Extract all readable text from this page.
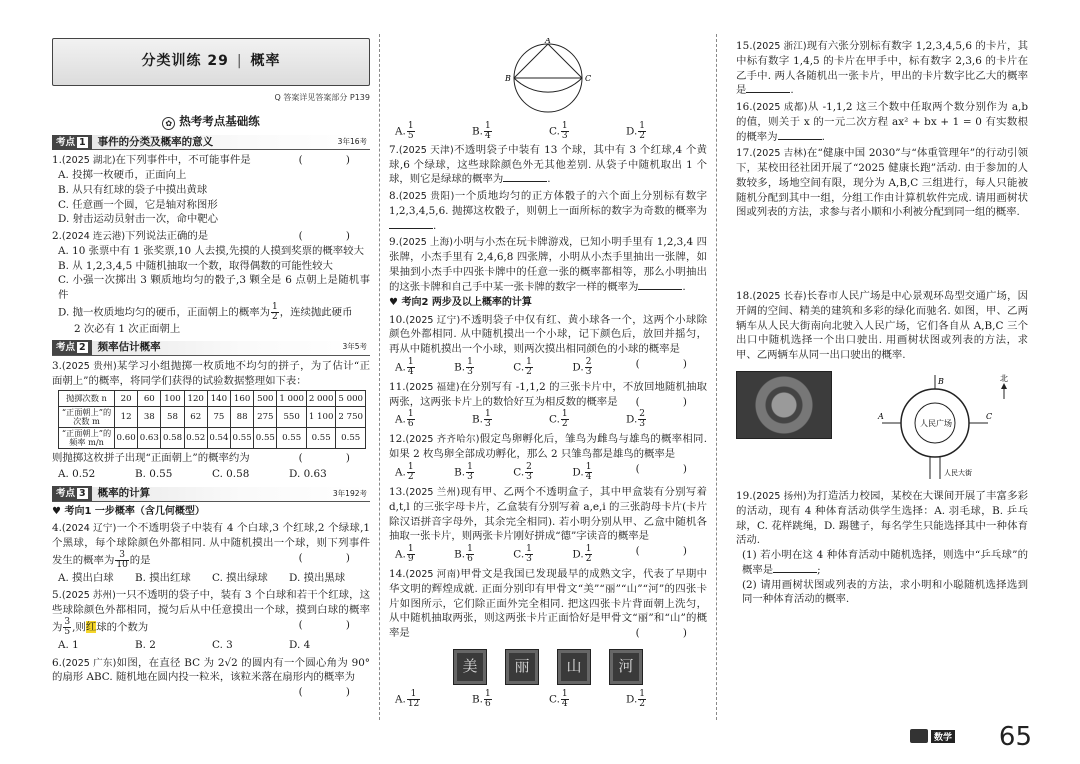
分类训练 29 | 概率
Q 答案详见答案部分 P139
✿ 热考考点基础练
考点 1	事件的分类及概率的意义	3年16考
1.(2025 湖北)在下列事件中，不可能事件是	( )
A. 投掷一枚硬币，正面向上
B. 从只有红球的袋子中摸出黄球
C. 任意画一个圆，它是轴对称图形
D. 射击运动员射击一次，命中靶心
2.(2024 连云港)下列说法正确的是	( )
A. 10 张票中有 1 张奖票,10 人去摸,先摸的人摸到奖票的概率较大
B. 从 1,2,3,4,5 中随机抽取一个数，取得偶数的可能性较大
C. 小强一次掷出 3 颗质地均匀的骰子,3 颗全是 6 点朝上是随机事件
D. 抛一枚质地均匀的硬币，正面朝上的概率为 $\frac{1}{2}$ ，连续抛此硬币
2 次必有 1 次正面朝上
考点 2	频率估计概率	3年5考
3.(2025 贵州)某学习小组抛掷一枚质地不均匀的拼子，为了估计“正面朝上”的概率，将同学们获得的试验数据整理如下表：
抛掷次数 n	20	60	100	120	140	160	500	1 000	2 000	5 000
“正面朝上”的次数 m	12	38	58	62	75	88	275	550	1 100	2 750
“正面朝上”的频率 m/n	0.60	0.63	0.58	0.52	0.54	0.55	0.55	0.55	0.55	0.55
则抛掷这枚拼子出现“正面朝上”的概率约为	( )
A. 0.52	B. 0.55	C. 0.58	D. 0.63
考点 3	概率的计算	3年192考
♥ 考向1 一步概率（含几何概型）
4.(2024 辽宁)一个不透明袋子中装有 4 个白球,3 个红球,2 个绿球,1 个黑球，每个球除颜色外都相同. 从中随机摸出一个球，则下列事件发生的概率为 $\frac{3}{10}$ 的是	( )
A. 摸出白球	B. 摸出红球	C. 摸出绿球	D. 摸出黑球
5.(2025 苏州)一只不透明的袋子中，装有 3 个白球和若干个红球，这些球除颜色外都相同，搅匀后从中任意摸出一个球，摸到白球的概率为 $\frac{3}{5}$ ,则红球的个数为	( )
A. 1	B. 2	C. 3	D. 4
6.(2025 广东)如图，在直径 BC 为 2√2 的圆内有一个圆心角为 90° 的扇形 ABC. 随机地在圆内投一粒米，该粒米落在扇形内的概率为
( )
A
B	C
A. $\frac{1}{5}$	B. $\frac{1}{4}$	C. $\frac{1}{3}$	D. $\frac{1}{2}$
7.(2025 天津)不透明袋子中装有 13 个球，其中有 3 个红球,4 个黄球,6 个绿球，这些球除颜色外无其他差别. 从袋子中随机取出 1 个球，则它是绿球的概率为	.
8.(2025 贵阳)一个质地均匀的正方体骰子的六个面上分别标有数字 1,2,3,4,5,6. 抛掷这枚骰子，则朝上一面所标的数字为奇数的概率为.
9.(2025 上海)小明与小杰在玩卡牌游戏，已知小明手里有 1,2,3,4 四张牌，小杰手里有 2,4,6,8 四张牌，小明从小杰手里抽出一张牌，如果抽到小杰手中四张卡牌中的任意一张的概率都相等，那么小明抽出的这张卡牌和自己手中某一张卡牌的数字一样的概率为	.
♥ 考向2 两步及以上概率的计算
10.(2025 辽宁)不透明袋子中仅有红、黄小球各一个，这两个小球除颜色外都相同. 从中随机摸出一个小球，记下颜色后，放回并摇匀，再从中随机摸出一个小球，则两次摸出相同颜色的小球的概率是
( )
A. $\frac{1}{4}$	B. $\frac{1}{3}$	C. $\frac{1}{2}$	D. $\frac{2}{3}$
11.(2025 福建)在分别写有 -1,1,2 的三张卡片中，不放回地随机抽取两张，这两张卡片上的数恰好互为相反数的概率是 ( )
A. $\frac{1}{6}$	B. $\frac{1}{3}$	C. $\frac{1}{2}$	D. $\frac{2}{3}$
12.(2025 齐齐哈尔)假定鸟卵孵化后，雏鸟为雌鸟与雄鸟的概率相同. 如果 2 枚鸟卵全部成功孵化，那么 2 只雏鸟都是雄鸟的概率是
( )
A. $\frac{1}{2}$	B. $\frac{1}{3}$	C. $\frac{2}{3}$	D. $\frac{1}{4}$
13.(2025 兰州)现有甲、乙两个不透明盒子，其中甲盒装有分别写着 d,t,l 的三张字母卡片，乙盒装有分别写着 a,e,i 的三张韵母卡片(卡片除汉语拼音字母外，其余完全相同). 若小明分别从甲、乙盒中随机各抽取一张卡片，则两张卡片刚好拼成“德”字读音的概率是
( )
A. $\frac{1}{9}$	B. $\frac{1}{6}$	C. $\frac{1}{3}$	D. $\frac{1}{2}$
14.(2025 河南)甲骨文是我国已发现最早的成熟文字，代表了早期中华文明的辉煌成就. 正面分别印有甲骨文“美”“丽”“山”“河”的四张卡片如图所示，它们除正面外完全相同. 把这四张卡片背面朝上洗匀，从中随机抽取两张，则这两张卡片正面恰好是甲骨文“丽”和“山”的概率是	( )
美	丽	山	河
A. $\frac{1}{12}$	B. $\frac{1}{6}$	C. $\frac{1}{4}$	D. $\frac{1}{2}$
15.(2025 浙江)现有六张分别标有数字 1,2,3,4,5,6 的卡片，其中标有数字 1,4,5 的卡片在甲手中，标有数字 2,3,6 的卡片在乙手中. 两人各随机出一张卡片，甲出的卡片数字比乙大的概率是	.
16.(2025 成都)从 -1,1,2 这三个数中任取两个数分别作为 a,b 的值，则关于 x 的一元二次方程 ax² + bx + 1 = 0 有实数根的概率为	.
17.(2025 吉林)在“健康中国 2030”与“体重管理年”的行动引领下，某校田径社团开展了“2025 健康长跑”活动. 由于参加的人数较多，场地空间有限，现分为 A,B,C 三组进行，每人只能被随机分配到其中一组，分组工作由计算机软件完成. 请用画树状图或列表的方法，求参与者小顺和小利被分配到同一组的概率.
18.(2025 长春)长春市人民广场是中心景观环岛型交通广场，因开阔的空间、精美的建筑和多彩的绿化而驰名. 如图，甲、乙两辆车从人民大街南向北驶入人民广场，它们各自从 A,B,C 三个出口中随机选择一个出口驶出. 用画树状图或列表的方法，求甲、乙两辆车从同一出口驶出的概率.
人民广场
A
B
C
人民大街
北
19.(2025 扬州)为打造活力校园，某校在大课间开展了丰富多彩的活动，现有 4 种体育活动供学生选择：A. 羽毛球，B. 乒乓球，C. 花样跳绳，D. 踢毽子，每名学生只能选择其中一种体育活动.
(1) 若小明在这 4 种体育活动中随机选择，则选中“乒乓球”的概率是	;
(2) 请用画树状图或列表的方法，求小明和小聪随机选择选到同一种体育活动的概率.
数学 65
